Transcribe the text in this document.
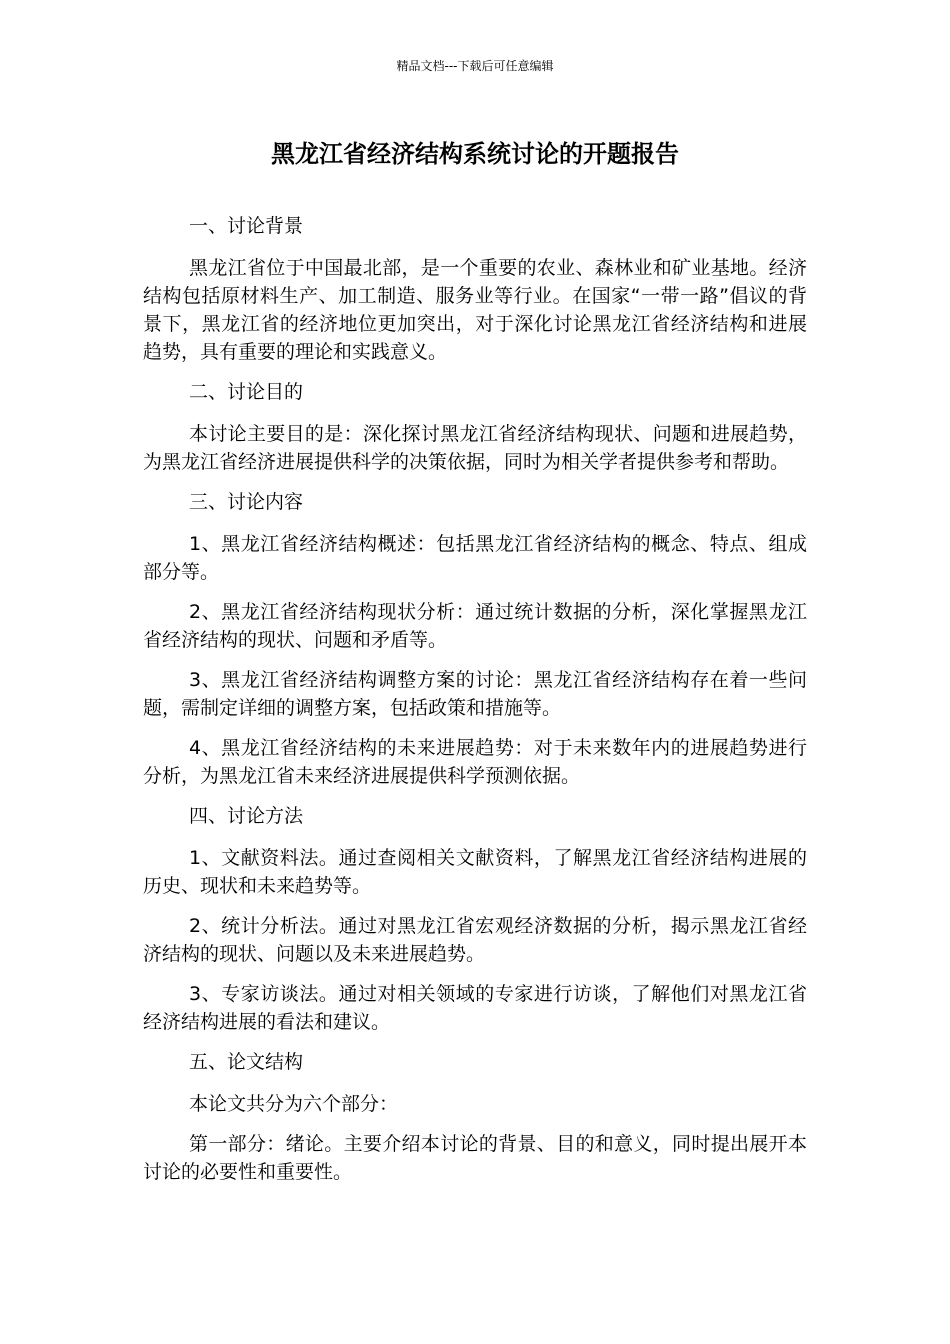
精品文档---下载后可任意编辑
黑龙江省经济结构系统讨论的开题报告

一、讨论背景

黑龙江省位于中国最北部，是一个重要的农业、森林业和矿业基地。经济结构包括原材料生产、加工制造、服务业等行业。在国家“一带一路”倡议的背景下，黑龙江省的经济地位更加突出，对于深化讨论黑龙江省经济结构和进展趋势，具有重要的理论和实践意义。

二、讨论目的

本讨论主要目的是：深化探讨黑龙江省经济结构现状、问题和进展趋势，为黑龙江省经济进展提供科学的决策依据，同时为相关学者提供参考和帮助。

三、讨论内容

1、黑龙江省经济结构概述：包括黑龙江省经济结构的概念、特点、组成部分等。

2、黑龙江省经济结构现状分析：通过统计数据的分析，深化掌握黑龙江省经济结构的现状、问题和矛盾等。

3、黑龙江省经济结构调整方案的讨论：黑龙江省经济结构存在着一些问题，需制定详细的调整方案，包括政策和措施等。

4、黑龙江省经济结构的未来进展趋势：对于未来数年内的进展趋势进行分析，为黑龙江省未来经济进展提供科学预测依据。

四、讨论方法

1、文献资料法。通过查阅相关文献资料，了解黑龙江省经济结构进展的历史、现状和未来趋势等。

2、统计分析法。通过对黑龙江省宏观经济数据的分析，揭示黑龙江省经济结构的现状、问题以及未来进展趋势。

3、专家访谈法。通过对相关领域的专家进行访谈，了解他们对黑龙江省经济结构进展的看法和建议。

五、论文结构

本论文共分为六个部分：

第一部分：绪论。主要介绍本讨论的背景、目的和意义，同时提出展开本讨论的必要性和重要性。
